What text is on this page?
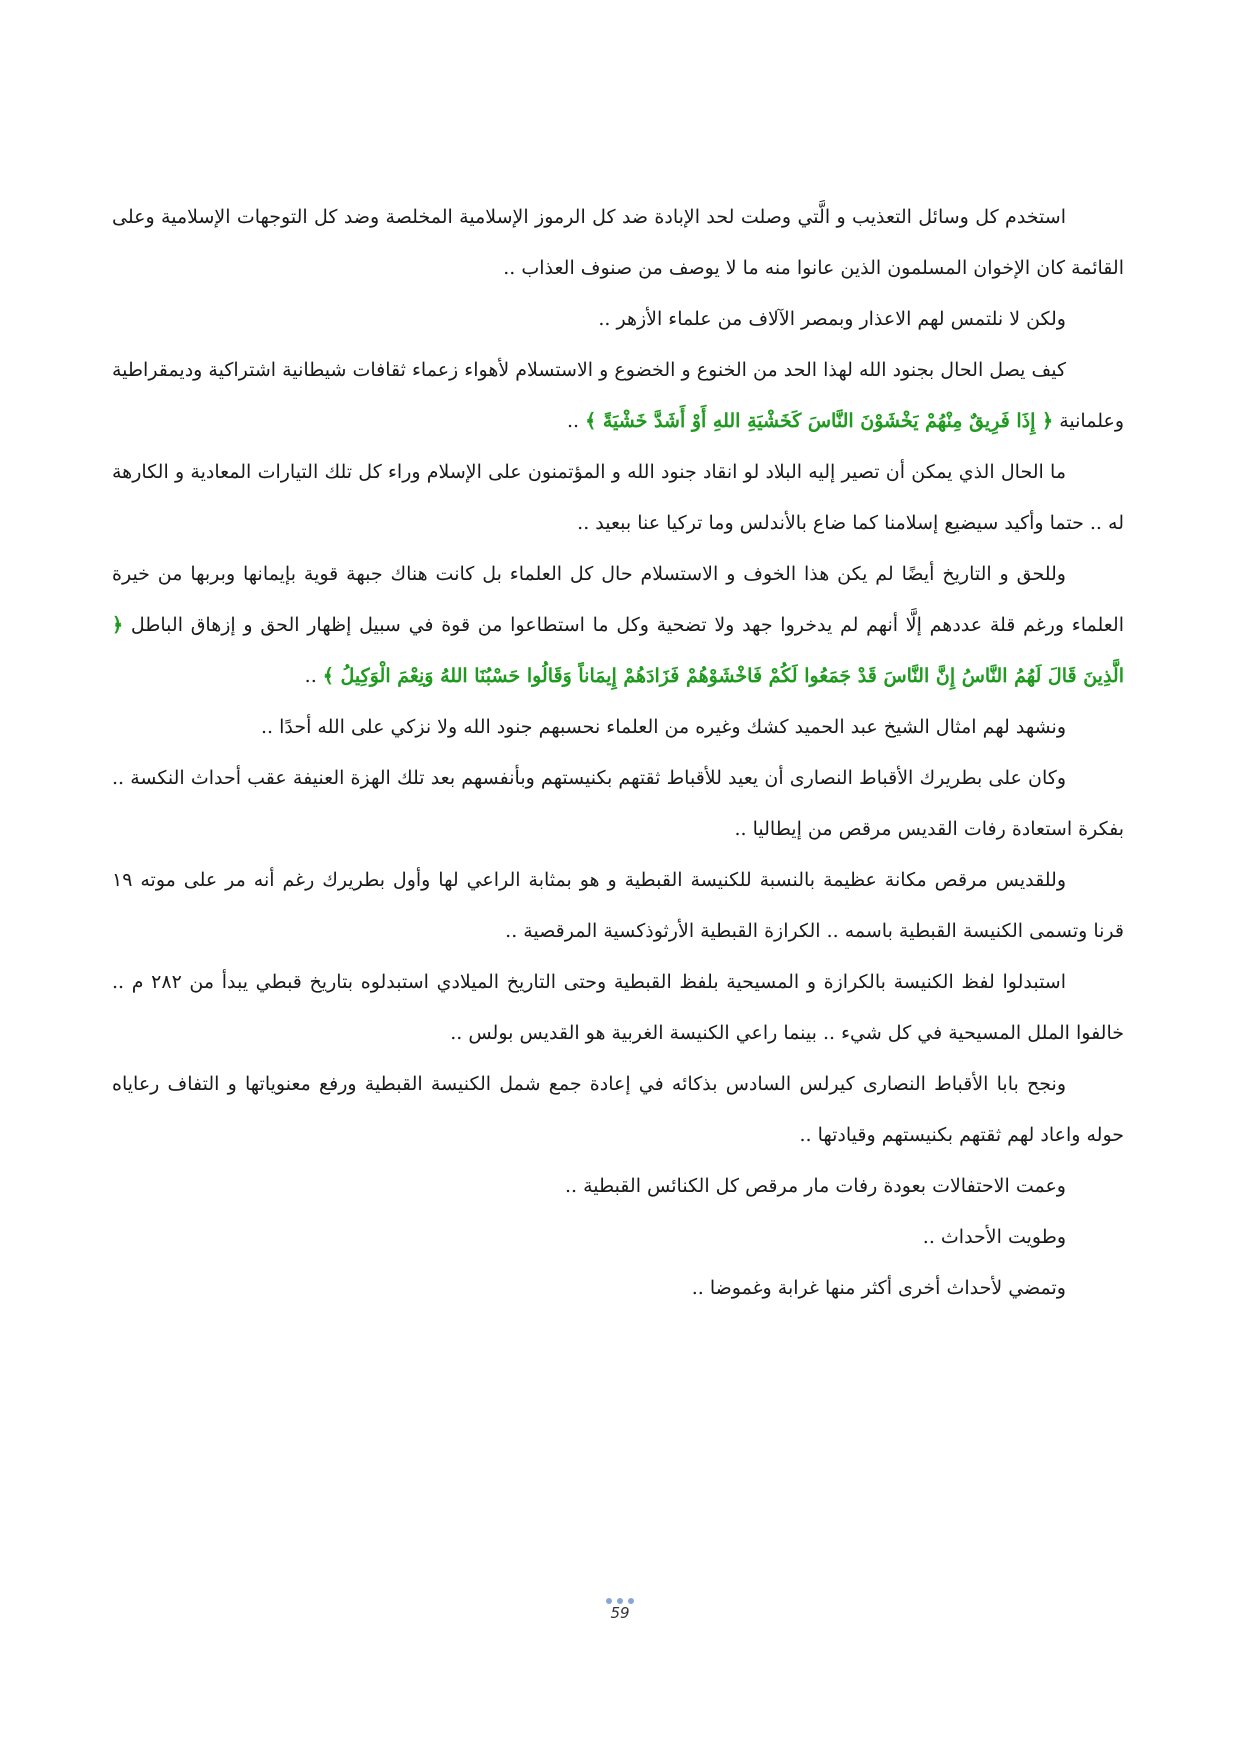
استخدم كل وسائل التعذيب و الَّتي وصلت لحد الإبادة ضد كل الرموز الإسلامية المخلصة وضد كل التوجهات الإسلامية وعلى القائمة كان الإخوان المسلمون الذين عانوا منه ما لا يوصف من صنوف العذاب ..

ولكن لا نلتمس لهم الاعذار وبمصر الآلاف من علماء الأزهر ..

كيف يصل الحال بجنود الله لهذا الحد من الخنوع و الخضوع و الاستسلام لأهواء زعماء ثقافات شيطانية اشتراكية وديمقراطية وعلمانية ﴿ إِذَا فَرِيقٌ مِنْهُمْ يَخْشَوْنَ النَّاسَ كَخَشْيَةِ اللهِ أَوْ أَشَدَّ خَشْيَةً ﴾ ..

ما الحال الذي يمكن أن تصير إليه البلاد لو انقاد جنود الله و المؤتمنون على الإسلام وراء كل تلك التيارات المعادية و الكارهة له .. حتما وأكيد سيضيع إسلامنا كما ضاع بالأندلس وما تركيا عنا ببعيد ..

وللحق و التاريخ أيضًا لم يكن هذا الخوف و الاستسلام حال كل العلماء بل كانت هناك جبهة قوية بإيمانها وبربها من خيرة العلماء ورغم قلة عددهم إلَّا أنهم لم يدخروا جهد ولا تضحية وكل ما استطاعوا من قوة في سبيل إظهار الحق و إزهاق الباطل ﴿ الَّذِينَ قَالَ لَهُمُ النَّاسُ إِنَّ النَّاسَ قَدْ جَمَعُوا لَكُمْ فَاخْشَوْهُمْ فَزَادَهُمْ إِيمَاناً وَقَالُوا حَسْبُنَا اللهُ وَنِعْمَ الْوَكِيلُ ﴾ ..

ونشهد لهم امثال الشيخ عبد الحميد كشك وغيره من العلماء نحسبهم جنود الله ولا نزكي على الله أحدًا ..

وكان على بطريرك الأقباط النصارى أن يعيد للأقباط ثقتهم بكنيستهم وبأنفسهم بعد تلك الهزة العنيفة عقب أحداث النكسة .. بفكرة استعادة رفات القديس مرقص من إيطاليا ..

وللقديس مرقص مكانة عظيمة بالنسبة للكنيسة القبطية و هو بمثابة الراعي لها وأول بطريرك رغم أنه مر على موته ١٩ قرنا وتسمى الكنيسة القبطية باسمه .. الكرازة القبطية الأرثوذكسية المرقصية ..

استبدلوا لفظ الكنيسة بالكرازة و المسيحية بلفظ القبطية وحتى التاريخ الميلادي استبدلوه بتاريخ قبطي يبدأ من ٢٨٢ م .. خالفوا الملل المسيحية في كل شيء .. بينما راعي الكنيسة الغربية هو القديس بولس ..

ونجح بابا الأقباط النصارى كيرلس السادس بذكائه في إعادة جمع شمل الكنيسة القبطية ورفع معنوياتها و التفاف رعاياه حوله واعاد لهم ثقتهم بكنيستهم وقيادتها ..

وعمت الاحتفالات بعودة رفات مار مرقص كل الكنائس القبطية ..

وطويت الأحداث ..

وتمضي لأحداث أخرى أكثر منها غرابة وغموضا ..

59
